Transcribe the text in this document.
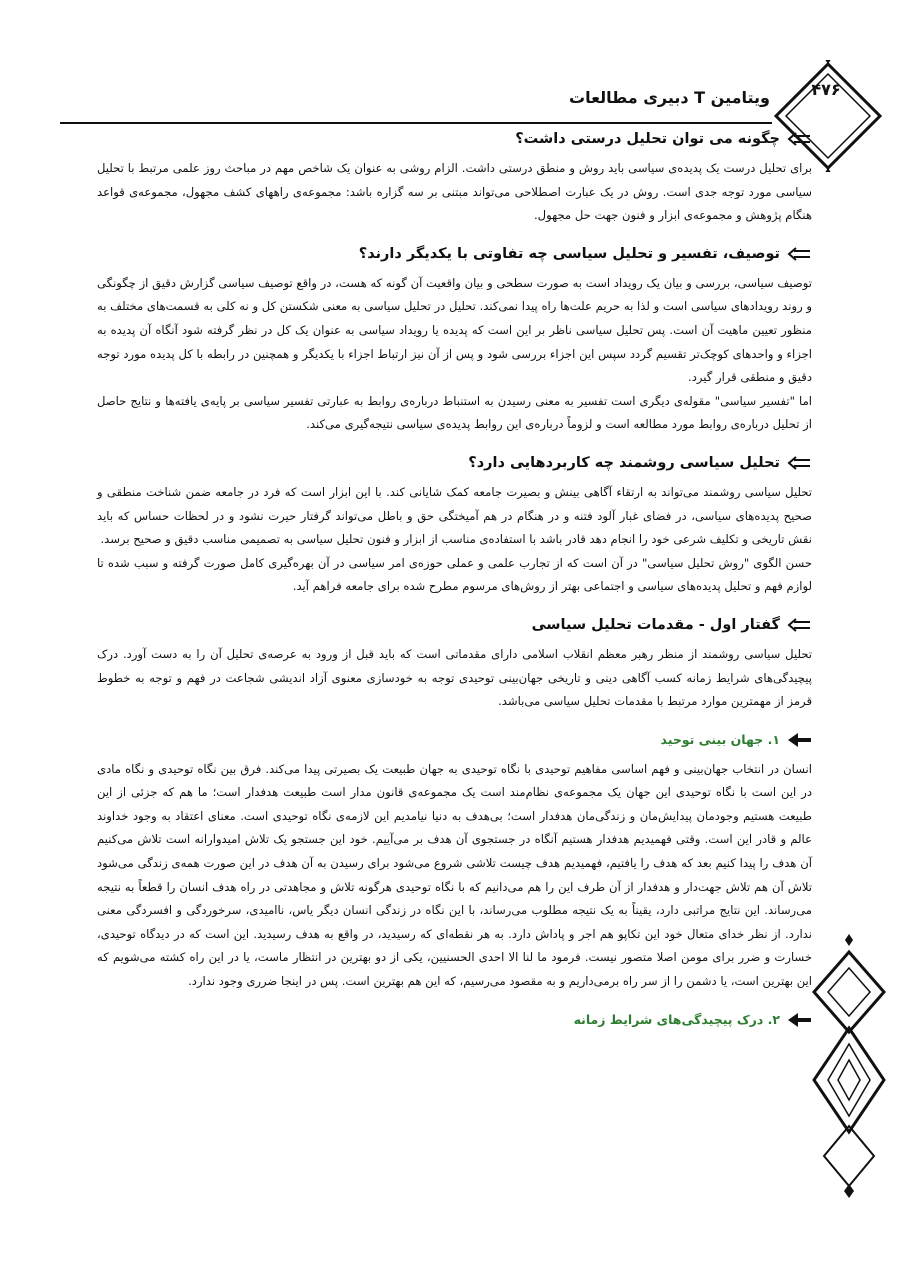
ویتامین T دبیری مطالعات	۴۷۶
چگونه می توان تحلیل درستی داشت؟

برای تحلیل درست یک پدیده‌ی سیاسی باید روش و منطق درستی داشت. الزام روشی به عنوان یک شاخص مهم در مباحث روز علمی مرتبط با تحلیل سیاسی مورد توجه جدی است. روش در یک عبارت اصطلاحی می‌تواند مبتنی بر سه گزاره باشد: مجموعه‌ی راههای کشف مجهول، مجموعه‌ی قواعد هنگام پژوهش و مجموعه‌ی ابزار و فنون جهت حل مجهول.

توصیف، تفسیر و تحلیل سیاسی چه تفاوتی با یکدیگر دارند؟

توصیف سیاسی، بررسی و بیان یک رویداد است به صورت سطحی و بیان واقعیت آن گونه که هست، در واقع توصیف سیاسی گزارش دقیق از چگونگی و روند رویدادهای سیاسی است و لذا به حریم علت‌ها راه پیدا نمی‌کند. تحلیل در تحلیل سیاسی به معنی شکستن کل و نه کلی به قسمت‌های مختلف به منظور تعیین ماهیت آن است. پس تحلیل سیاسی ناظر بر این است که پدیده یا رویداد سیاسی به عنوان یک کل در نظر گرفته شود آنگاه آن پدیده به اجزاء و واحدهای کوچک‌تر تقسیم گردد سپس این اجزاء بررسی شود و پس از آن نیز ارتباط اجزاء با یکدیگر و همچنین در رابطه با کل پدیده مورد توجه دقیق و منطقی قرار گیرد.

اما "تفسیر سیاسی" مقوله‌ی دیگری است تفسیر به معنی رسیدن به استنباط درباره‌ی روابط به عبارتی تفسیر سیاسی بر پایه‌ی یافته‌ها و نتایج حاصل از تحلیل درباره‌ی روابط مورد مطالعه است و لزوماً درباره‌ی این روابط پدیده‌ی سیاسی نتیجه‌گیری می‌کند.

تحلیل سیاسی روشمند چه کاربردهایی دارد؟

تحلیل سیاسی روشمند می‌تواند به ارتقاء آگاهی بینش و بصیرت جامعه کمک شایانی کند. با این ابزار است که فرد در جامعه ضمن شناخت منطقی و صحیح پدیده‌های سیاسی، در فضای غبار آلود فتنه و در هنگام در هم آمیختگی حق و باطل می‌تواند گرفتار حیرت نشود و در لحظات حساس که باید نقش تاریخی و تکلیف شرعی خود را انجام دهد قادر باشد با استفاده‌ی مناسب از ابزار و فنون تحلیل سیاسی به تصمیمی مناسب دقیق و صحیح برسد.

حسن الگوی "روش تحلیل سیاسی" در آن است که از تجارب علمی و عملی حوزه‌ی امر سیاسی در آن بهره‌گیری کامل صورت گرفته و سبب شده تا لوازم فهم و تحلیل پدیده‌های سیاسی و اجتماعی بهتر از روش‌های مرسوم مطرح شده برای جامعه فراهم آید.

گفتار اول - مقدمات تحلیل سیاسی

تحلیل سیاسی روشمند از منظر رهبر معظم انقلاب اسلامی دارای مقدماتی است که باید قبل از ورود به عرصه‌ی تحلیل آن را به دست آورد. درک پیچیدگی‌های شرایط زمانه کسب آگاهی دینی و تاریخی جهان‌بینی توحیدی توجه به خودسازی معنوی آزاد اندیشی شجاعت در فهم و توجه به خطوط قرمز از مهمترین موارد مرتبط با مقدمات تحلیل سیاسی می‌باشد.

۱. جهان بینی توحید

انسان در انتخاب جهان‌بینی و فهم اساسی مفاهیم توحیدی با نگاه توحیدی به جهان طبیعت یک بصیرتی پیدا می‌کند. فرق بین نگاه توحیدی و نگاه مادی در این است با نگاه توحیدی این جهان یک مجموعه‌ی نظام‌مند است یک مجموعه‌ی قانون مدار است طبیعت هدفدار است؛ ما هم که جزئی از این طبیعت هستیم وجودمان پیدایش‌مان و زندگی‌مان هدفدار است؛ بی‌هدف به دنیا نیامدیم این لازمه‌ی نگاه توحیدی است. معنای اعتقاد به وجود خداوند عالم و قادر این است. وقتی فهمیدیم هدفدار هستیم آنگاه در جستجوی آن هدف بر می‌آییم. خود این جستجو یک تلاش امیدوارانه است تلاش می‌کنیم آن هدف را پیدا کنیم بعد که هدف را یافتیم، فهمیدیم هدف چیست تلاشی شروع می‌شود برای رسیدن به آن هدف در این صورت همه‌ی زندگی می‌شود تلاش آن هم تلاش جهت‌دار و هدفدار از آن طرف این را هم می‌دانیم که با نگاه توحیدی هرگونه تلاش و مجاهدتی در راه هدف انسان را قطعاً به نتیجه می‌رساند. این نتایج مراتبی دارد، یقیناً به یک نتیجه مطلوب می‌رساند، با این نگاه در زندگی انسان دیگر یاس، ناامیدی، سرخوردگی و افسردگی معنی ندارد. از نظر خدای متعال خود این تکاپو هم اجر و پاداش دارد. به هر نقطه‌ای که رسیدید، در واقع به هدف رسیدید. این است که در دیدگاه توحیدی، خسارت و ضرر برای مومن اصلا متصور نیست. فرمود ما لنا الا احدی الحسنیین، یکی از دو بهترین در انتظار ماست، یا در این راه کشته می‌شویم که این بهترین است، یا دشمن را از سر راه برمی‌داریم و به مقصود می‌رسیم، که این هم بهترین است. پس در اینجا ضرری وجود ندارد.

۲. درک پیچیدگی‌های شرایط زمانه
